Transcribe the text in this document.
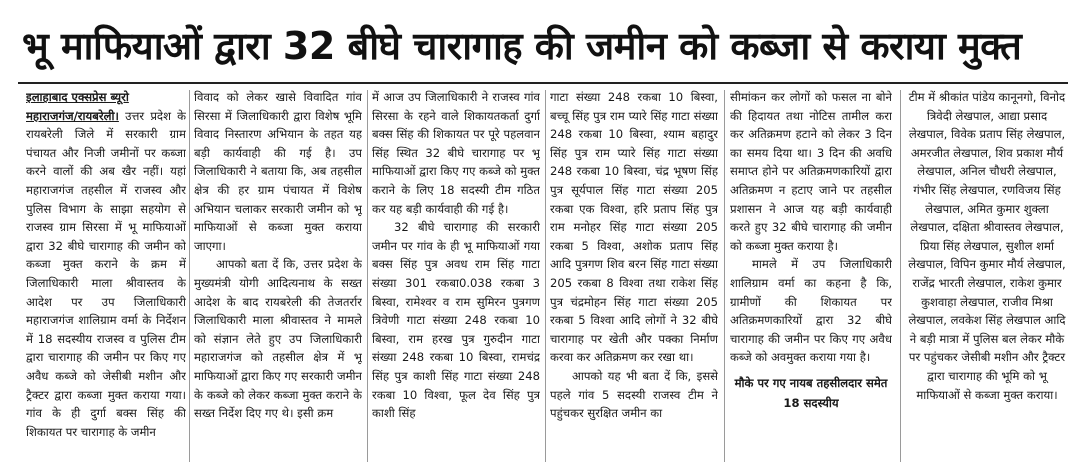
भू माफियाओं द्वारा 32 बीघे चारागाह की जमीन को कब्जा से कराया मुक्त
इलाहाबाद एक्सप्रेस ब्यूरो
महाराजगंज/रायबरेली। उत्तर प्रदेश के रायबरेली जिले में सरकारी ग्राम पंचायत और निजी जमीनों पर कब्जा करने वालों की अब खैर नहीं। यहां महाराजगंज तहसील में राजस्व और पुलिस विभाग के साझा सहयोग से राजस्व ग्राम सिरसा में भू माफियाओं द्वारा 32 बीघे चारागाह की जमीन को कब्जा मुक्त कराने के क्रम में जिलाधिकारी माला श्रीवास्तव के आदेश पर उप जिलाधिकारी महाराजगंज शालिग्राम वर्मा के निर्देशन में 18 सदस्यीय राजस्व व पुलिस टीम द्वारा चारागाह की जमीन पर किए गए अवैध कब्जे को जेसीबी मशीन और ट्रैक्टर द्वारा कब्जा मुक्त कराया गया। गांव के ही दुर्गा बक्स सिंह की शिकायत पर चारागाह के जमीन
विवाद को लेकर खासे विवादित गांव सिरसा में जिलाधिकारी द्वारा विशेष भूमि विवाद निस्तारण अभियान के तहत यह बड़ी कार्यवाही की गई है। उप जिलाधिकारी ने बताया कि, अब तहसील क्षेत्र की हर ग्राम पंचायत में विशेष अभियान चलाकर सरकारी जमीन को भू माफियाओं से कब्जा मुक्त कराया जाएगा।
आपको बता दें कि, उत्तर प्रदेश के मुख्यमंत्री योगी आदित्यनाथ के सख्त आदेश के बाद रायबरेली की तेजतर्रार जिलाधिकारी माला श्रीवास्तव ने मामले को संज्ञान लेते हुए उप जिलाधिकारी महाराजगंज को तहसील क्षेत्र में भू माफियाओं द्वारा किए गए सरकारी जमीन के कब्जे को लेकर कब्जा मुक्त कराने के सख्त निर्देश दिए गए थे। इसी क्रम
में आज उप जिलाधिकारी ने राजस्व गांव सिरसा के रहने वाले शिकायतकर्ता दुर्गा बक्स सिंह की शिकायत पर पूरे पहलवान सिंह स्थित 32 बीघे चारागाह पर भू माफियाओं द्वारा किए गए कब्जे को मुक्त कराने के लिए 18 सदस्यी टीम गठित कर यह बड़ी कार्यवाही की गई है।
32 बीघे चारागाह की सरकारी जमीन पर गांव के ही भू माफियाओं गया बक्स सिंह पुत्र अवध राम सिंह गाटा संख्या 301 रकबा0.038 रकबा 3 बिस्वा, रामेश्वर व राम सुमिरन पुत्रगण त्रिवेणी गाटा संख्या 248 रकबा 10 बिस्वा, राम हरख पुत्र गुरुदीन गाटा संख्या 248 रकबा 10 बिस्वा, रामचंद्र सिंह पुत्र काशी सिंह गाटा संख्या 248 रकबा 10 विश्वा, फूल देव सिंह पुत्र काशी सिंह
गाटा संख्या 248 रकबा 10 बिस्वा, बच्चू सिंह पुत्र राम प्यारे सिंह गाटा संख्या 248 रकबा 10 बिस्वा, श्याम बहादुर सिंह पुत्र राम प्यारे सिंह गाटा संख्या 248 रकबा 10 बिस्वा, चंद्र भूषण सिंह पुत्र सूर्यपाल सिंह गाटा संख्या 205 रकबा एक विश्वा, हरि प्रताप सिंह पुत्र राम मनोहर सिंह गाटा संख्या 205 रकबा 5 विश्वा, अशोक प्रताप सिंह आदि पुत्रगण शिव बरन सिंह गाटा संख्या 205 रकबा 8 विश्वा तथा राकेश सिंह पुत्र चंद्रमोहन सिंह गाटा संख्या 205 रकबा 5 विश्वा आदि लोगों ने 32 बीघे चारागाह पर खेती और पक्का निर्माण करवा कर अतिक्रमण कर रखा था।
आपको यह भी बता दें कि, इससे पहले गांव 5 सदस्यी राजस्व टीम ने पहुंचकर सुरक्षित जमीन का
सीमांकन कर लोगों को फसल ना बोने की हिदायत तथा नोटिस तामील करा कर अतिक्रमण हटाने को लेकर 3 दिन का समय दिया था। 3 दिन की अवधि समाप्त होने पर अतिक्रमणकारियों द्वारा अतिक्रमण न हटाए जाने पर तहसील प्रशासन ने आज यह बड़ी कार्यवाही करते हुए 32 बीघे चारागाह की जमीन को कब्जा मुक्त कराया है।
मामले में उप जिलाधिकारी शालिग्राम वर्मा का कहना है कि, ग्रामीणों की शिकायत पर अतिक्रमणकारियों द्वारा 32 बीघे चारागाह की जमीन पर किए गए अवैध कब्जे को अवमुक्त कराया गया है।
मौके पर गए नायब तहसीलदार समेत 18 सदस्यीय
टीम में श्रीकांत पांडेय कानूनगो, विनोद त्रिवेदी लेखपाल, आद्या प्रसाद लेखपाल, विवेक प्रताप सिंह लेखपाल, अमरजीत लेखपाल, शिव प्रकाश मौर्य लेखपाल, अनिल चौधरी लेखपाल, गंभीर सिंह लेखपाल, रणविजय सिंह लेखपाल, अमित कुमार शुक्ला लेखपाल, दक्षिता श्रीवास्तव लेखपाल, प्रिया सिंह लेखपाल, सुशील शर्मा लेखपाल, विपिन कुमार मौर्य लेखपाल, राजेंद्र भारती लेखपाल, राकेश कुमार कुशवाहा लेखपाल, राजीव मिश्रा लेखपाल, लवकेश सिंह लेखपाल आदि ने बड़ी मात्रा में पुलिस बल लेकर मौके पर पहुंचकर जेसीबी मशीन और ट्रैक्टर द्वारा चारागाह की भूमि को भू माफियाओं से कब्जा मुक्त कराया।
